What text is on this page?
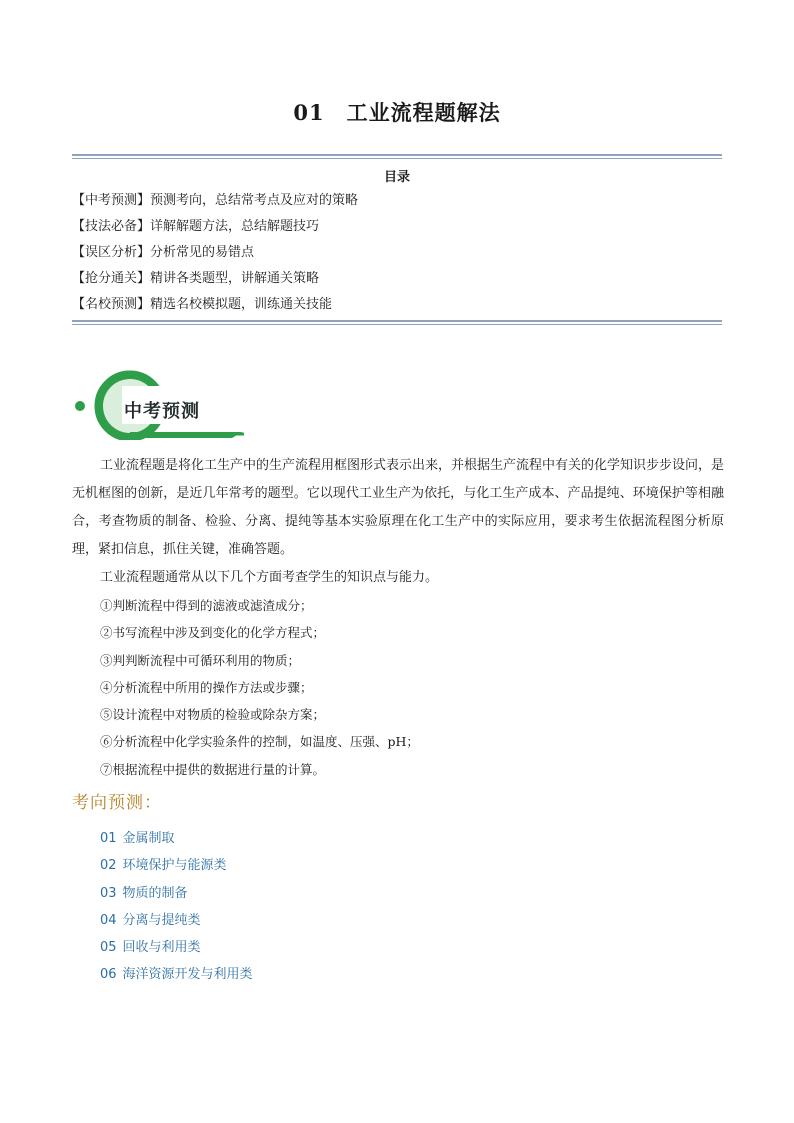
01 工业流程题解法
目录
【中考预测】预测考向，总结常考点及应对的策略
【技法必备】详解解题方法，总结解题技巧
【误区分析】分析常见的易错点
【抢分通关】精讲各类题型，讲解通关策略
【名校预测】精选名校模拟题，训练通关技能
中考预测

工业流程题是将化工生产中的生产流程用框图形式表示出来，并根据生产流程中有关的化学知识步步设问，是无机框图的创新，是近几年常考的题型。它以现代工业生产为依托，与化工生产成本、产品提纯、环境保护等相融合，考查物质的制备、检验、分离、提纯等基本实验原理在化工生产中的实际应用，要求考生依据流程图分析原理，紧扣信息，抓住关键，准确答题。

工业流程题通常从以下几个方面考查学生的知识点与能力。

①判断流程中得到的滤液或滤渣成分；

②书写流程中涉及到变化的化学方程式；

③判判断流程中可循环利用的物质；

④分析流程中所用的操作方法或步骤；

⑤设计流程中对物质的检验或除杂方案；

⑥分析流程中化学实验条件的控制，如温度、压强、pH；

⑦根据流程中提供的数据进行量的计算。

考向预测：
01 金属制取
02 环境保护与能源类
03 物质的制备
04 分离与提纯类
05 回收与利用类
06 海洋资源开发与利用类
